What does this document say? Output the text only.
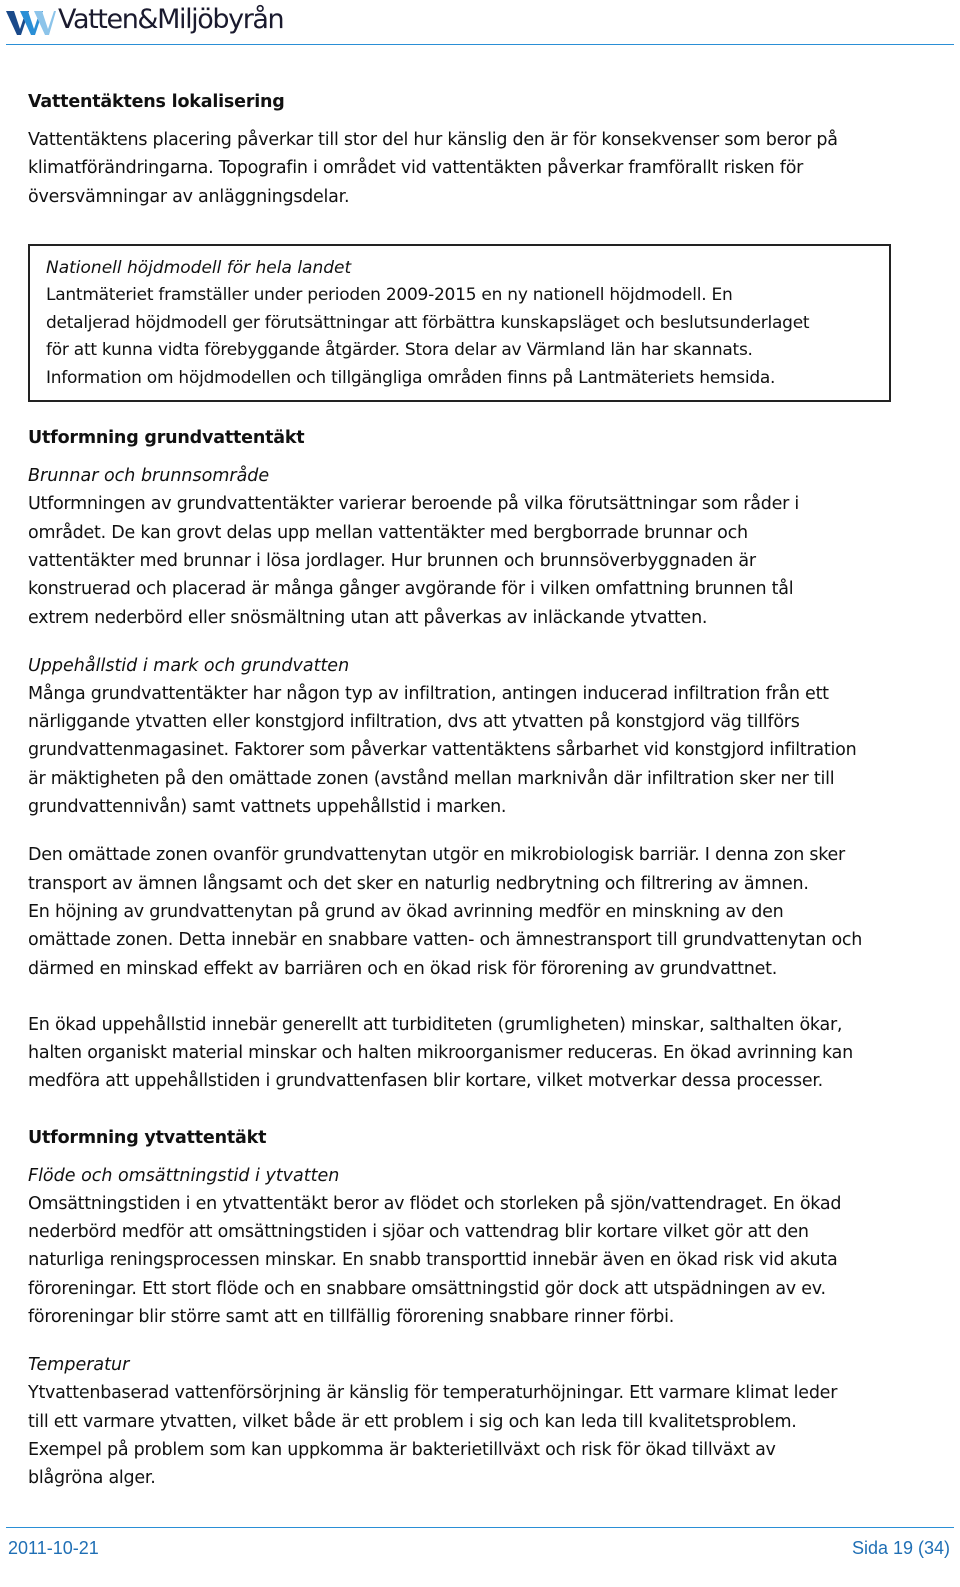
Vatten&Miljöbyrån
Vattentäktens lokalisering

Vattentäktens placering påverkar till stor del hur känslig den är för konsekvenser som beror på
klimatförändringarna. Topografin i området vid vattentäkten påverkar framförallt risken för
översvämningar av anläggningsdelar.

Nationell höjdmodell för hela landet

Lantmäteriet framställer under perioden 2009-2015 en ny nationell höjdmodell. En
detaljerad höjdmodell ger förutsättningar att förbättra kunskapsläget och beslutsunderlaget
för att kunna vidta förebyggande åtgärder. Stora delar av Värmland län har skannats.
Information om höjdmodellen och tillgängliga områden finns på Lantmäteriets hemsida.

Utformning grundvattentäkt
Brunnar och brunnsområde

Utformningen av grundvattentäkter varierar beroende på vilka förutsättningar som råder i
området. De kan grovt delas upp mellan vattentäkter med bergborrade brunnar och
vattentäkter med brunnar i lösa jordlager. Hur brunnen och brunnsöverbyggnaden är
konstruerad och placerad är många gånger avgörande för i vilken omfattning brunnen tål
extrem nederbörd eller snösmältning utan att påverkas av inläckande ytvatten.

Uppehållstid i mark och grundvatten

Många grundvattentäkter har någon typ av infiltration, antingen inducerad infiltration från ett
närliggande ytvatten eller konstgjord infiltration, dvs att ytvatten på konstgjord väg tillförs
grundvattenmagasinet. Faktorer som påverkar vattentäktens sårbarhet vid konstgjord infiltration
är mäktigheten på den omättade zonen (avstånd mellan marknivån där infiltration sker ner till
grundvattennivån) samt vattnets uppehållstid i marken.

Den omättade zonen ovanför grundvattenytan utgör en mikrobiologisk barriär. I denna zon sker
transport av ämnen långsamt och det sker en naturlig nedbrytning och filtrering av ämnen.
En höjning av grundvattenytan på grund av ökad avrinning medför en minskning av den
omättade zonen. Detta innebär en snabbare vatten- och ämnestransport till grundvattenytan och
därmed en minskad effekt av barriären och en ökad risk för förorening av grundvattnet.

En ökad uppehållstid innebär generellt att turbiditeten (grumligheten) minskar, salthalten ökar,
halten organiskt material minskar och halten mikroorganismer reduceras. En ökad avrinning kan
medföra att uppehållstiden i grundvattenfasen blir kortare, vilket motverkar dessa processer.

Utformning ytvattentäkt
Flöde och omsättningstid i ytvatten

Omsättningstiden i en ytvattentäkt beror av flödet och storleken på sjön/vattendraget. En ökad
nederbörd medför att omsättningstiden i sjöar och vattendrag blir kortare vilket gör att den
naturliga reningsprocessen minskar. En snabb transporttid innebär även en ökad risk vid akuta
föroreningar. Ett stort flöde och en snabbare omsättningstid gör dock att utspädningen av ev.
föroreningar blir större samt att en tillfällig förorening snabbare rinner förbi.

Temperatur

Ytvattenbaserad vattenförsörjning är känslig för temperaturhöjningar. Ett varmare klimat leder
till ett varmare ytvatten, vilket både är ett problem i sig och kan leda till kvalitetsproblem.
Exempel på problem som kan uppkomma är bakterietillväxt och risk för ökad tillväxt av
blågröna alger.

2011-10-21	Sida 19 (34)
